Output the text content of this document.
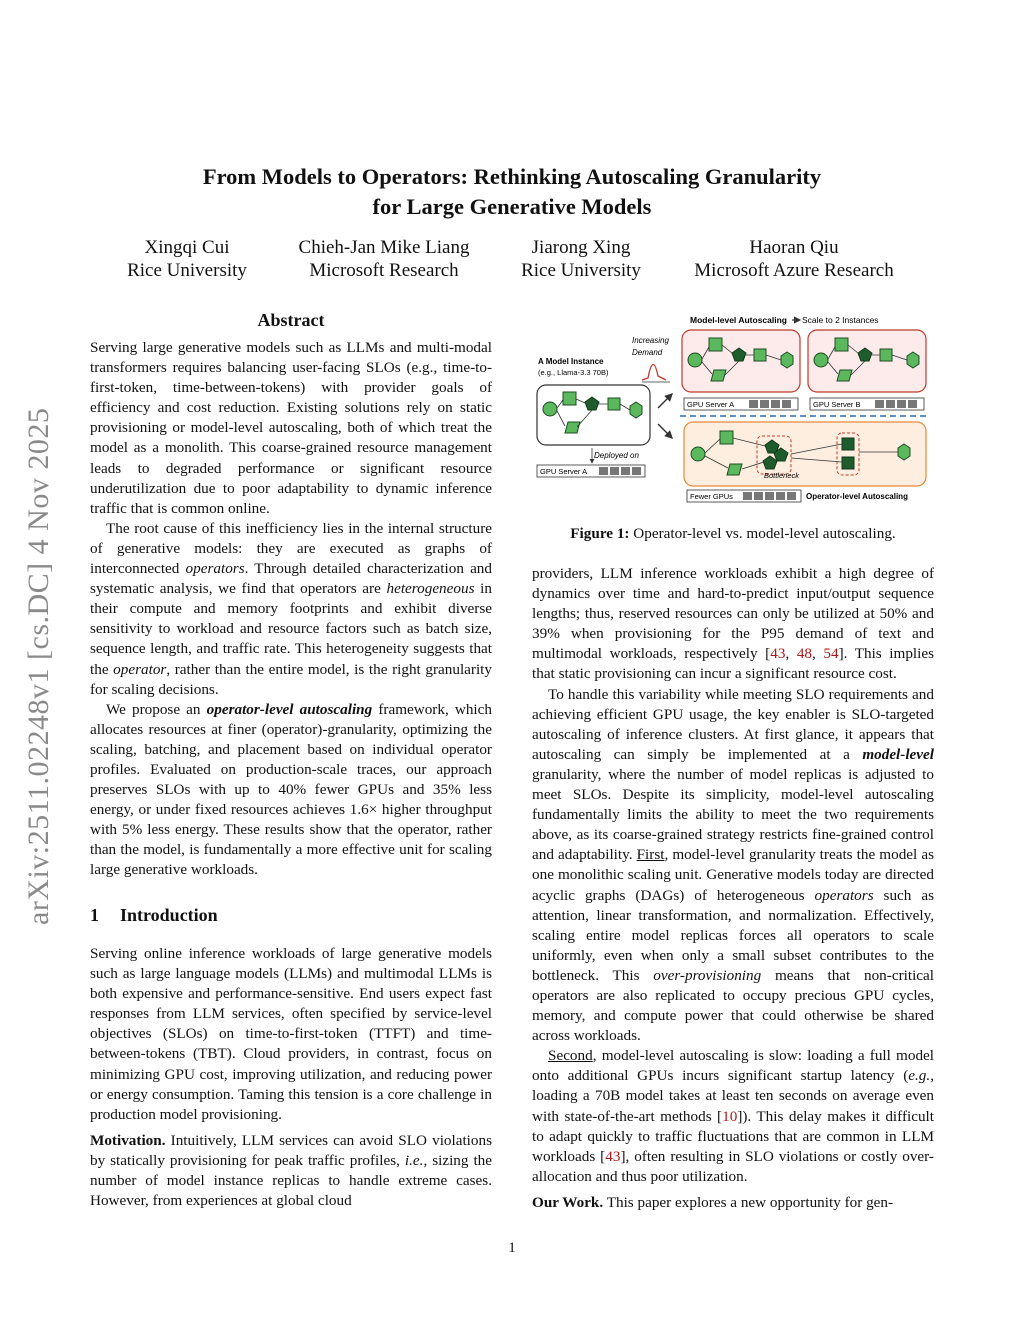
arXiv:2511.02248v1 [cs.DC] 4 Nov 2025
From Models to Operators: Rethinking Autoscaling Granularity
for Large Generative Models
Xingqi Cui
Rice University
Chieh-Jan Mike Liang
Microsoft Research
Jiarong Xing
Rice University
Haoran Qiu
Microsoft Azure Research
Abstract

Serving large generative models such as LLMs and multi-modal transformers requires balancing user-facing SLOs (e.g., time-to-first-token, time-between-tokens) with provider goals of efficiency and cost reduction. Existing solutions rely on static provisioning or model-level autoscaling, both of which treat the model as a monolith. This coarse-grained resource management leads to degraded performance or significant resource underutilization due to poor adaptability to dynamic inference traffic that is common online.

The root cause of this inefficiency lies in the internal structure of generative models: they are executed as graphs of interconnected operators. Through detailed characterization and systematic analysis, we find that operators are heterogeneous in their compute and memory footprints and exhibit diverse sensitivity to workload and resource factors such as batch size, sequence length, and traffic rate. This heterogeneity suggests that the operator, rather than the entire model, is the right granularity for scaling decisions.

We propose an operator-level autoscaling framework, which allocates resources at finer (operator)-granularity, optimizing the scaling, batching, and placement based on individual operator profiles. Evaluated on production-scale traces, our approach preserves SLOs with up to 40% fewer GPUs and 35% less energy, or under fixed resources achieves 1.6× higher throughput with 5% less energy. These results show that the operator, rather than the model, is fundamentally a more effective unit for scaling large generative workloads.

1 Introduction

Serving online inference workloads of large generative models such as large language models (LLMs) and multimodal LLMs is both expensive and performance-sensitive. End users expect fast responses from LLM services, often specified by service-level objectives (SLOs) on time-to-first-token (TTFT) and time-between-tokens (TBT). Cloud providers, in contrast, focus on minimizing GPU cost, improving utilization, and reducing power or energy consumption. Taming this tension is a core challenge in production model provisioning.

Motivation. Intuitively, LLM services can avoid SLO violations by statically provisioning for peak traffic profiles, i.e., sizing the number of model instance replicas to handle extreme cases. However, from experiences at global cloud

Model-level Autoscaling Scale to 2 Instances
Increasing
Demand
A Model Instance
(e.g., Llama-3.3 70B)
Deployed on
GPU Server A
GPU Server A	GPU Server B
Bottleneck
Fewer GPUs	Operator-level Autoscaling
Figure 1: Operator-level vs. model-level autoscaling.

providers, LLM inference workloads exhibit a high degree of dynamics over time and hard-to-predict input/output sequence lengths; thus, reserved resources can only be utilized at 50% and 39% when provisioning for the P95 demand of text and multimodal workloads, respectively [43, 48, 54]. This implies that static provisioning can incur a significant resource cost.

To handle this variability while meeting SLO requirements and achieving efficient GPU usage, the key enabler is SLO-targeted autoscaling of inference clusters. At first glance, it appears that autoscaling can simply be implemented at a model-level granularity, where the number of model replicas is adjusted to meet SLOs. Despite its simplicity, model-level autoscaling fundamentally limits the ability to meet the two requirements above, as its coarse-grained strategy restricts fine-grained control and adaptability. First, model-level granularity treats the model as one monolithic scaling unit. Generative models today are directed acyclic graphs (DAGs) of heterogeneous operators such as attention, linear transformation, and normalization. Effectively, scaling entire model replicas forces all operators to scale uniformly, even when only a small subset contributes to the bottleneck. This over-provisioning means that non-critical operators are also replicated to occupy precious GPU cycles, memory, and compute power that could otherwise be shared across workloads.

Second, model-level autoscaling is slow: loading a full model onto additional GPUs incurs significant startup latency (e.g., loading a 70B model takes at least ten seconds on average even with state-of-the-art methods [10]). This delay makes it difficult to adapt quickly to traffic fluctuations that are common in LLM workloads [43], often resulting in SLO violations or costly over-allocation and thus poor utilization.

Our Work. This paper explores a new opportunity for gen-

1
